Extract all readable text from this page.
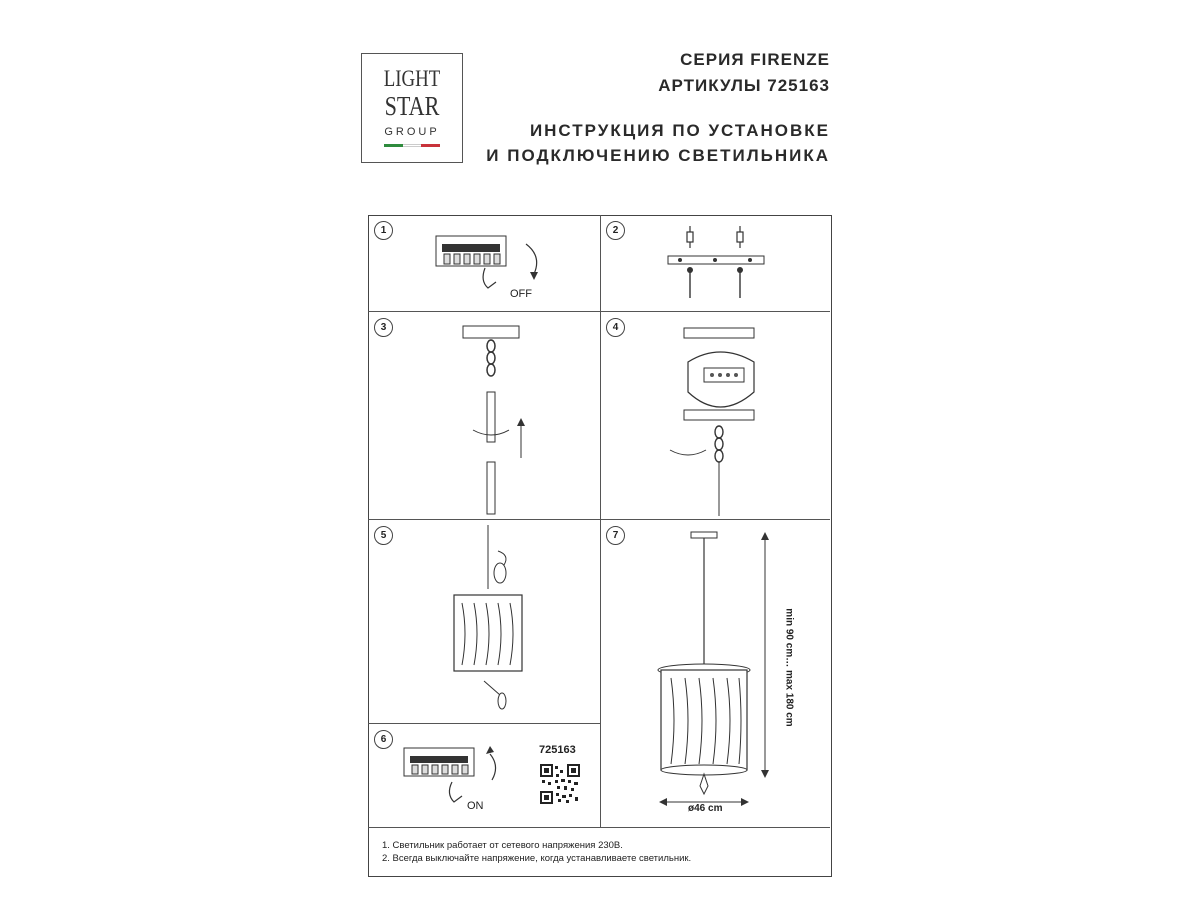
LIGHT
STAR
GROUP
СЕРИЯ FIRENZE
АРТИКУЛЫ 725163
ИНСТРУКЦИЯ ПО УСТАНОВКЕ
И ПОДКЛЮЧЕНИЮ СВЕТИЛЬНИКА
1	2
3	4
5	7
6
OFF
ON
725163
min 90 cm… max 180 cm
ø46 cm
1. Светильник работает от сетевого напряжения 230В.
2. Всегда выключайте напряжение, когда устанавливаете светильник.
